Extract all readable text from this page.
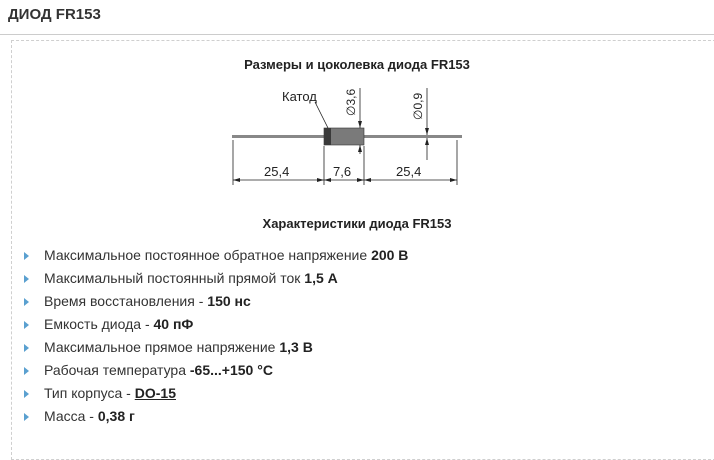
ДИОД FR153
Размеры и цоколевка диода FR153
Катод ∅3,6	∅0,9
25,4	7,6	25,4
Характеристики диода FR153
Максимальное постоянное обратное напряжение 200 В
Максимальный постоянный прямой ток 1,5 А
Время восстановления - 150 нс
Емкость диода - 40 пФ
Максимальное прямое напряжение 1,3 В
Рабочая температура -65...+150 °С
Тип корпуса - DO-15
Масса - 0,38 г
